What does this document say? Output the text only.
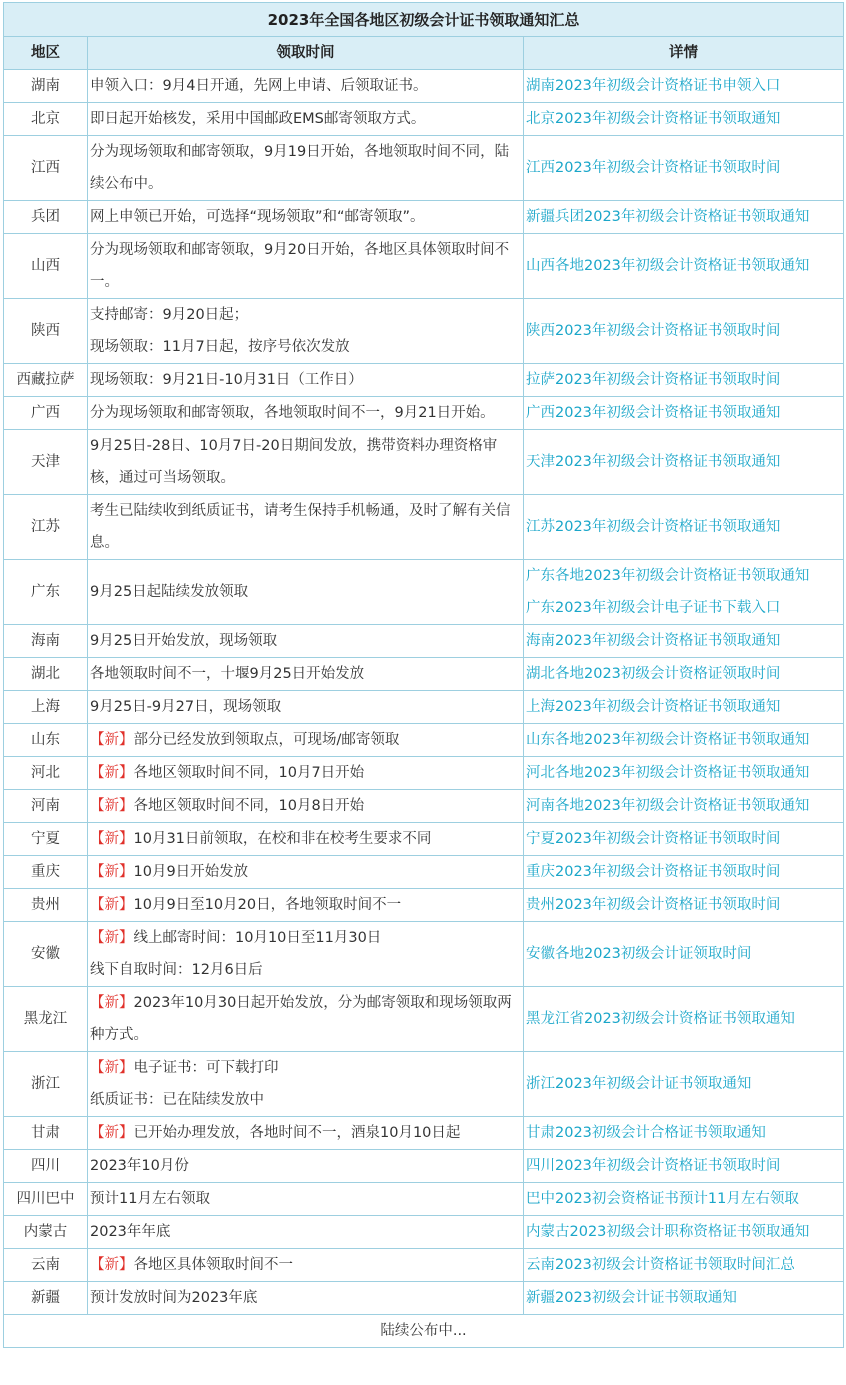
2023年全国各地区初级会计证书领取通知汇总		
地区	领取时间	详情
湖南	申领入口：9月4日开通，先网上申请、后领取证书。	湖南2023年初级会计资格证书申领入口

北京	即日起开始核发，采用中国邮政EMS邮寄领取方式。	北京2023年初级会计资格证书领取通知

江西	分为现场领取和邮寄领取，9月19日开始，各地领取时间不同，陆续公布中。	江西2023年初级会计资格证书领取时间

兵团	网上申领已开始，可选择“现场领取”和“邮寄领取”。	新疆兵团2023年初级会计资格证书领取通知

山西	分为现场领取和邮寄领取，9月20日开始，各地区具体领取时间不一。	山西各地2023年初级会计资格证书领取通知

陕西	支持邮寄：9月20日起；
现场领取：11月7日起，按序号依次发放	陕西2023年初级会计资格证书领取时间

西藏拉萨	现场领取：9月21日-10月31日（工作日）	拉萨2023年初级会计资格证书领取时间

广西	分为现场领取和邮寄领取，各地领取时间不一，9月21日开始。	广西2023年初级会计资格证书领取通知

天津	9月25日-28日、10月7日-20日期间发放，携带资料办理资格审核，通过可当场领取。	天津2023年初级会计资格证书领取通知

江苏	考生已陆续收到纸质证书，请考生保持手机畅通，及时了解有关信息。	江苏2023年初级会计资格证书领取通知

广东	9月25日起陆续发放领取	广东各地2023年初级会计资格证书领取通知
广东2023年初级会计电子证书下载入口

海南	9月25日开始发放，现场领取	海南2023年初级会计资格证书领取通知

湖北	各地领取时间不一，十堰9月25日开始发放	湖北各地2023初级会计资格证领取时间

上海	9月25日-9月27日，现场领取	上海2023年初级会计资格证书领取通知

山东	【新】部分已经发放到领取点，可现场/邮寄领取	山东各地2023年初级会计资格证书领取通知

河北	【新】各地区领取时间不同，10月7日开始	河北各地2023年初级会计资格证书领取通知

河南	【新】各地区领取时间不同，10月8日开始	河南各地2023年初级会计资格证书领取通知

宁夏	【新】10月31日前领取，在校和非在校考生要求不同	宁夏2023年初级会计资格证书领取时间

重庆	【新】10月9日开始发放	重庆2023年初级会计资格证书领取时间

贵州	【新】10月9日至10月20日，各地领取时间不一	贵州2023年初级会计资格证书领取时间

安徽	【新】线上邮寄时间：10月10日至11月30日
线下自取时间：12月6日后	安徽各地2023初级会计证领取时间

黑龙江	【新】2023年10月30日起开始发放，分为邮寄领取和现场领取两种方式。	黑龙江省2023初级会计资格证书领取通知

浙江	【新】电子证书：可下载打印
纸质证书：已在陆续发放中	浙江2023年初级会计证书领取通知

甘肃	【新】已开始办理发放，各地时间不一，酒泉10月10日起	甘肃2023初级会计合格证书领取通知

四川	2023年10月份	四川2023年初级会计资格证书领取时间

四川巴中	预计11月左右领取	巴中2023初会资格证书预计11月左右领取

内蒙古	2023年年底	内蒙古2023初级会计职称资格证书领取通知

云南	【新】各地区具体领取时间不一	云南2023初级会计资格证书领取时间汇总

新疆	预计发放时间为2023年底	新疆2023初级会计证书领取通知

陆续公布中...		
